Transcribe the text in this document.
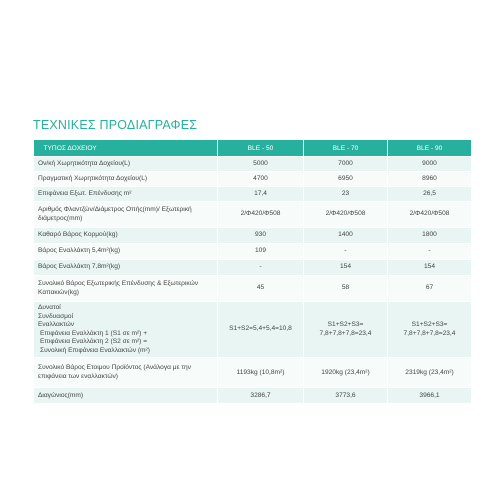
ΤΕΧΝΙΚΕΣ ΠΡΟΔΙΑΓΡΑΦΕΣ
ΤΥΠΟΣ ΔΟΧΕΙΟΥ	BLE - 50	BLE - 70	BLE - 90
Ον/κή Χωρητικότητα Δοχείου(L)	5000	7000	9000
Πραγματική Χωρητικότητα Δοχείου(L)	4700	6950	8960
Επιφάνεια Εξωτ. Επένδυσης m²	17,4	23	26,5
Αριθμός Φλαντζών/Διάμετρος Οπής(mm)/ Εξωτερική διάμετρος(mm)	2/Φ420/Φ508	2/Φ420/Φ508	2/Φ420/Φ508
Καθαρό Βάρος Κορμού(kg)	930	1400	1800
Βάρος Εναλλάκτη 5,4m²(kg)	109	-	-
Βάρος Εναλλάκτη 7,8m²(kg)	-	154	154
Συνολικό Βάρος Εξωτερικής Επένδυσης & Εξωτερικών Καπακιών(kg)	45	58	67
Δυνατοί Συνδυασμοί ΕναλλακτώνΕπιφάνεια Εναλλάκτη 1 (S1 σε m²) + Επιφάνεια Εναλλάκτη 2 (S2 σε m²) = Συνολική Επιφάνεια Εναλλακτών (m²)	S1+S2=5,4+5,4=10,8	S1+S2+S3= 7,8+7,8+7,8=23,4	S1+S2+S3= 7,8+7,8+7,8=23,4
Συνολικό Βάρος Ετοιμου Προϊόντος (Ανάλογα με την επιφάνεια των εναλλακτών)	1193kg (10,8m²)	1920kg (23,4m²)	2319kg (23,4m²)
Διαγώνιος(mm)	3286,7	3773,6	3966,1
